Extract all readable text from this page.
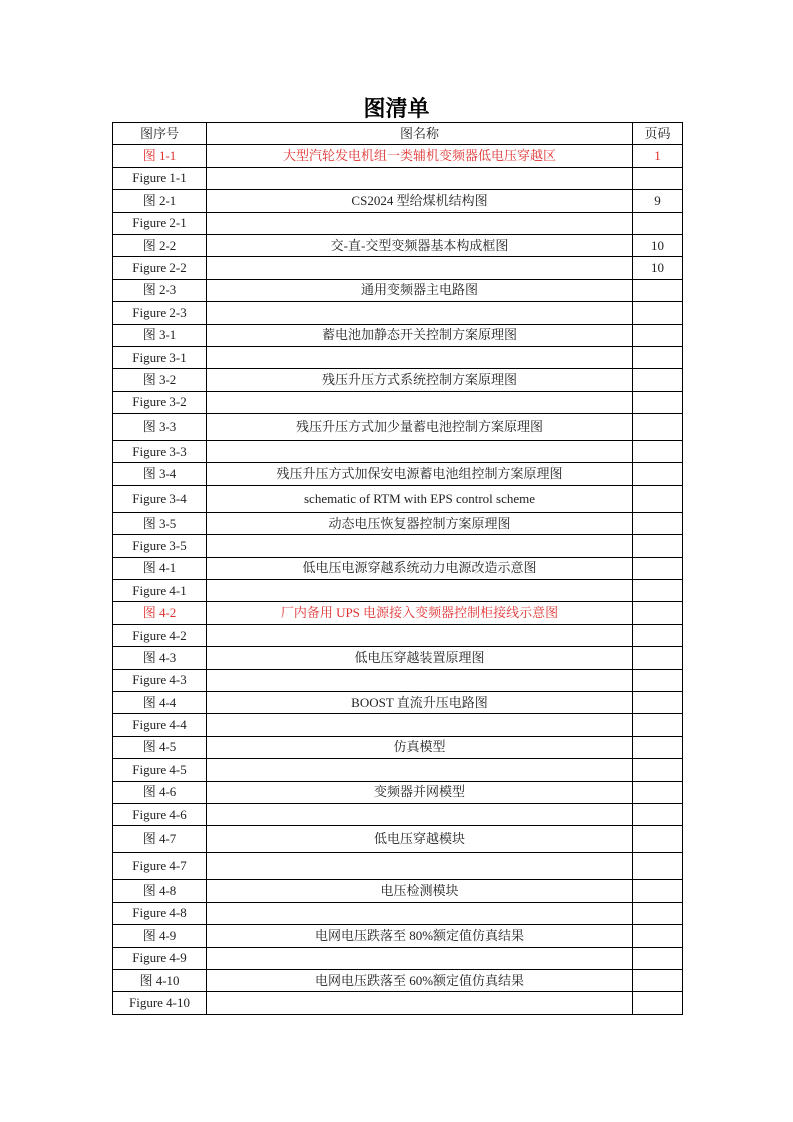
图清单
图序号	图名称	页码
图 1-1	大型汽轮发电机组一类辅机变频器低电压穿越区	1
Figure 1-1		
图 2-1	CS2024 型给煤机结构图	9
Figure 2-1		
图 2-2	交-直-交型变频器基本构成框图	10
Figure 2-2		10
图 2-3	通用变频器主电路图	
Figure 2-3		
图 3-1	蓄电池加静态开关控制方案原理图	
Figure 3-1		
图 3-2	残压升压方式系统控制方案原理图	
Figure 3-2		
图 3-3	残压升压方式加少量蓄电池控制方案原理图	
Figure 3-3		
图 3-4	残压升压方式加保安电源蓄电池组控制方案原理图	
Figure 3-4	schematic of RTM with EPS control scheme	
图 3-5	动态电压恢复器控制方案原理图	
Figure 3-5		
图 4-1	低电压电源穿越系统动力电源改造示意图	
Figure 4-1		
图 4-2	厂内备用 UPS 电源接入变频器控制柜接线示意图	
Figure 4-2		
图 4-3	低电压穿越装置原理图	
Figure 4-3		
图 4-4	BOOST 直流升压电路图	
Figure 4-4		
图 4-5	仿真模型	
Figure 4-5		
图 4-6	变频器并网模型	
Figure 4-6		
图 4-7	低电压穿越模块	
Figure 4-7		
图 4-8	电压检测模块	
Figure 4-8		
图 4-9	电网电压跌落至 80%额定值仿真结果	
Figure 4-9		
图 4-10	电网电压跌落至 60%额定值仿真结果	
Figure 4-10		
